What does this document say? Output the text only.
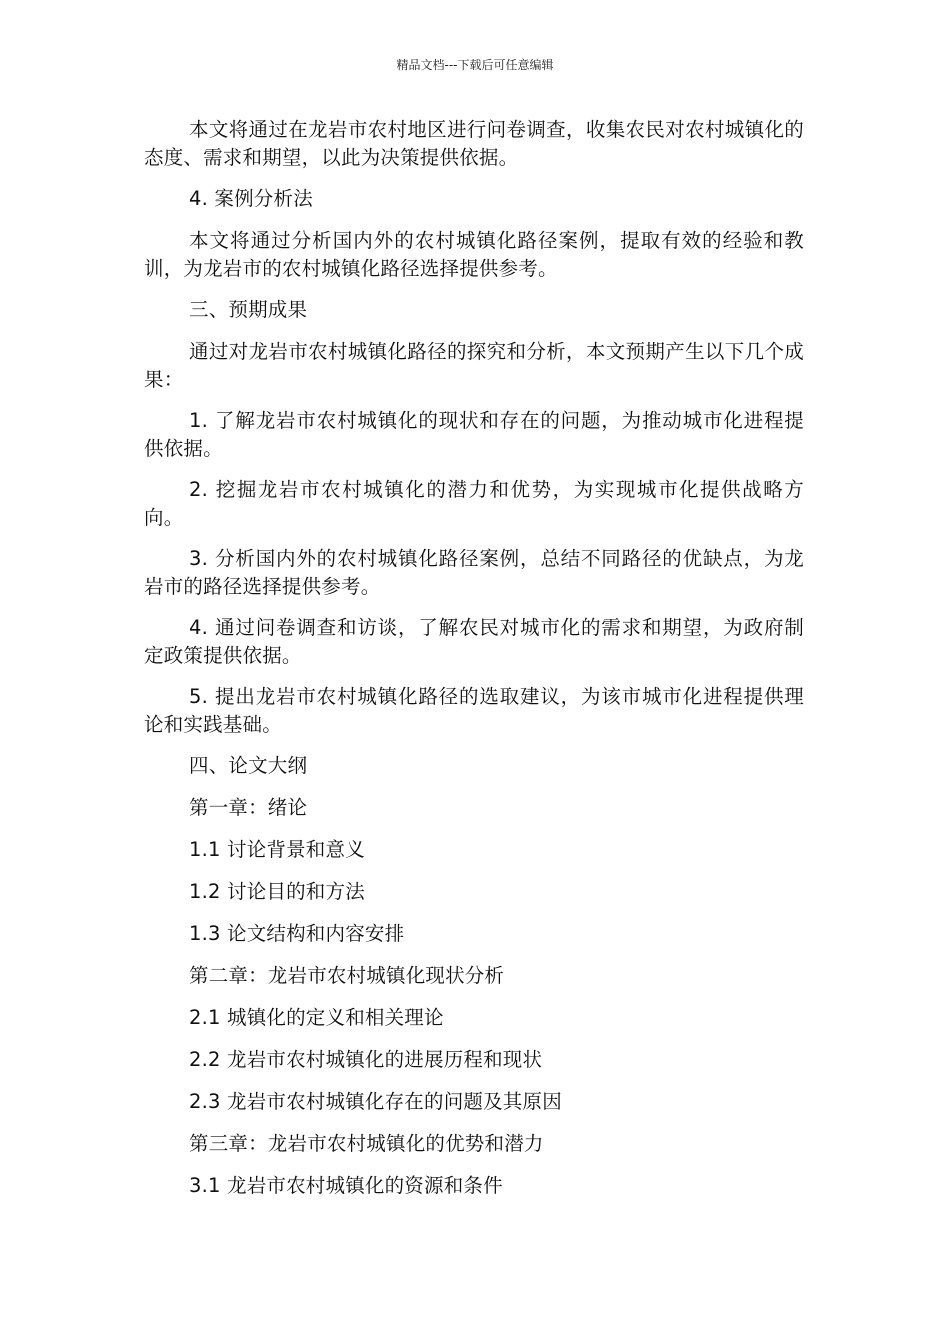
精品文档---下载后可任意编辑

本文将通过在龙岩市农村地区进行问卷调查，收集农民对农村城镇化的态度、需求和期望，以此为决策提供依据。

4. 案例分析法

本文将通过分析国内外的农村城镇化路径案例，提取有效的经验和教训，为龙岩市的农村城镇化路径选择提供参考。

三、预期成果

通过对龙岩市农村城镇化路径的探究和分析，本文预期产生以下几个成果：

1. 了解龙岩市农村城镇化的现状和存在的问题，为推动城市化进程提供依据。

2. 挖掘龙岩市农村城镇化的潜力和优势，为实现城市化提供战略方向。

3. 分析国内外的农村城镇化路径案例，总结不同路径的优缺点，为龙岩市的路径选择提供参考。

4. 通过问卷调查和访谈，了解农民对城市化的需求和期望，为政府制定政策提供依据。

5. 提出龙岩市农村城镇化路径的选取建议，为该市城市化进程提供理论和实践基础。

四、论文大纲

第一章：绪论

1.1 讨论背景和意义

1.2 讨论目的和方法

1.3 论文结构和内容安排

第二章：龙岩市农村城镇化现状分析

2.1 城镇化的定义和相关理论

2.2 龙岩市农村城镇化的进展历程和现状

2.3 龙岩市农村城镇化存在的问题及其原因

第三章：龙岩市农村城镇化的优势和潜力

3.1 龙岩市农村城镇化的资源和条件
